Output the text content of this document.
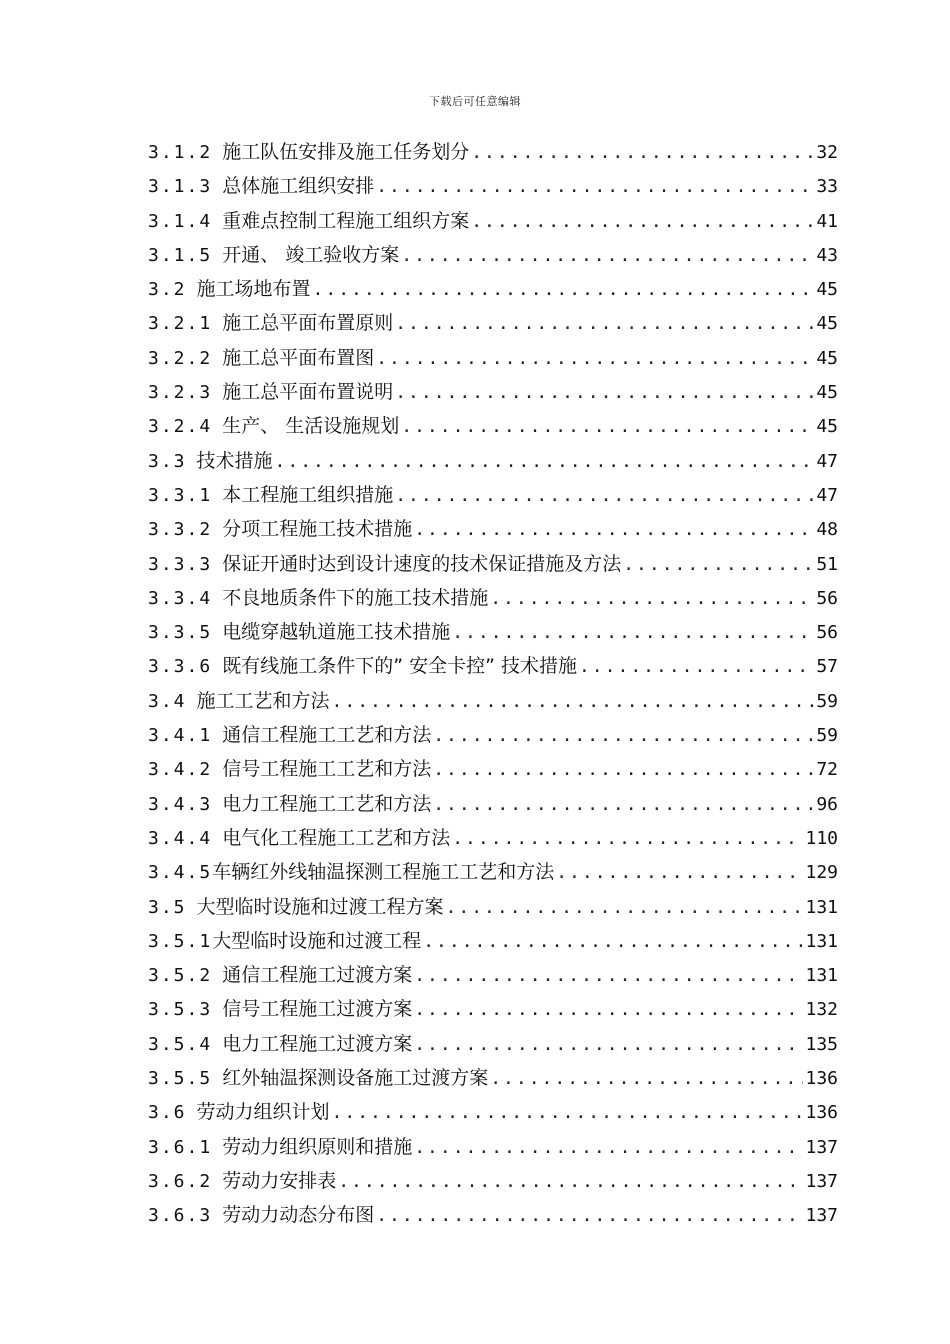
下载后可任意编辑
3.1.2 施工队伍安排及施工任务划分 .....	32
3.1.3 总体施工组织安排 .....	33
3.1.4 重难点控制工程施工组织方案 .....	41
3.1.5 开通、 竣工验收方案 .....	43
3.2 施工场地布置 .....	45
3.2.1 施工总平面布置原则 .....	45
3.2.2 施工总平面布置图 .....	45
3.2.3 施工总平面布置说明 .....	45
3.2.4 生产、 生活设施规划 .....	45
3.3 技术措施 .....	47
3.3.1 本工程施工组织措施 .....	47
3.3.2 分项工程施工技术措施 .....	48
3.3.3 保证开通时达到设计速度的技术保证措施及方法 .....	51
3.3.4 不良地质条件下的施工技术措施 .....	56
3.3.5 电缆穿越轨道施工技术措施 .....	56
3.3.6 既有线施工条件下的” 安全卡控” 技术措施 .....	57
3.4 施工工艺和方法 .....	59
3.4.1 通信工程施工工艺和方法 .....	59
3.4.2 信号工程施工工艺和方法 .....	72
3.4.3 电力工程施工工艺和方法 .....	96
3.4.4 电气化工程施工工艺和方法 .....	110
3.4.5 车辆红外线轴温探测工程施工工艺和方法 .....	129
3.5 大型临时设施和过渡工程方案 .....	131
3.5.1 大型临时设施和过渡工程 .....	131
3.5.2 通信工程施工过渡方案 .....	131
3.5.3 信号工程施工过渡方案 .....	132
3.5.4 电力工程施工过渡方案 .....	135
3.5.5 红外轴温探测设备施工过渡方案 .....	136
3.6 劳动力组织计划 .....	136
3.6.1 劳动力组织原则和措施 .....	137
3.6.2 劳动力安排表 .....	137
3.6.3 劳动力动态分布图 .....	137
